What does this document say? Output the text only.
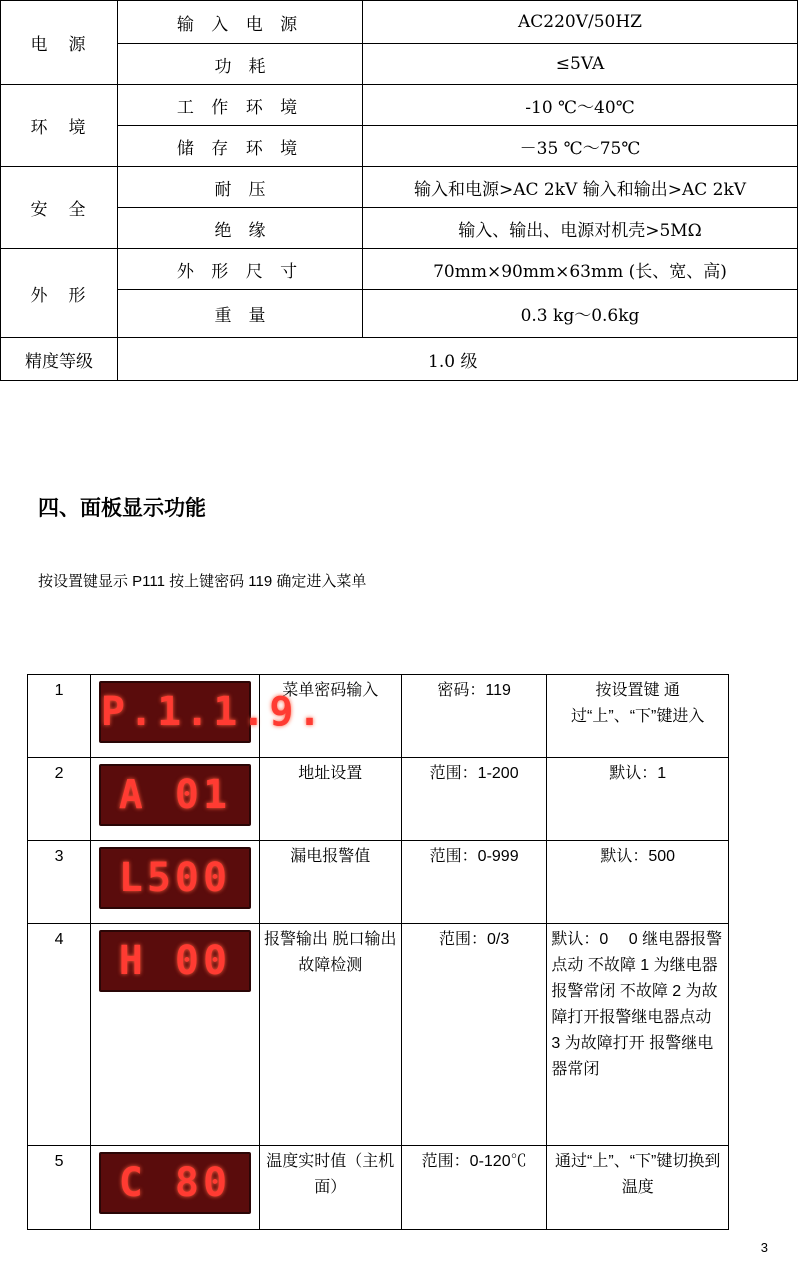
电　源	输 入 电 源	AC220V/50HZ
	功　耗	≤5VA
环　境	工 作 环 境	-10 ℃～40℃
	储 存 环 境	－35 ℃～75℃
安　全	耐　压	输入和电源>AC 2kV 输入和输出>AC 2kV
	绝　缘	输入、输出、电源对机壳>5MΩ
外　形	外 形 尺 寸	70mm×90mm×63mm (长、宽、高)
	重　量	0.3 kg～0.6kg
精度等级	1.0 级	
四、面板显示功能
按设置键显示 P111 按上键密码 119 确定进入菜单
1	P.1.1.9.	菜单密码输入	密码：119	按设置键 通过“上”、“下”键进入
2	A 01	地址设置	范围：1-200	默认：1
3	L500	漏电报警值	范围：0-999	默认：500
4	H 00	报警输出 脱口输出 故障检测	范围：0/3	默认：0　 0 继电器报警点动 不故障 1 为继电器报警常闭 不故障 2 为故障打开报警继电器点动 3 为故障打开 报警继电器常闭
5	C 80	温度实时值（主机面）	范围：0-120℃	通过“上”、“下”键切换到温度
3
